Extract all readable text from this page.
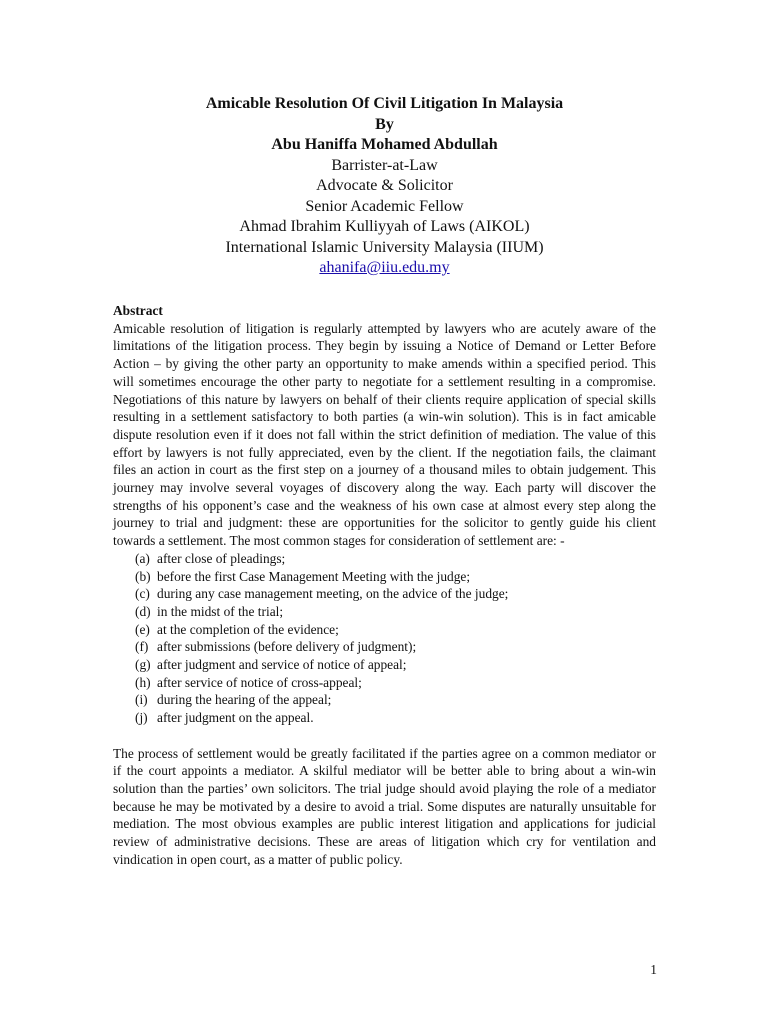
Amicable Resolution Of Civil Litigation In Malaysia
By
Abu Haniffa Mohamed Abdullah
Barrister-at-Law
Advocate & Solicitor
Senior Academic Fellow
Ahmad Ibrahim Kulliyyah of Laws (AIKOL)
International Islamic University Malaysia (IIUM)
ahanifa@iiu.edu.my

Abstract

Amicable resolution of litigation is regularly attempted by lawyers who are acutely aware of the limitations of the litigation process. They begin by issuing a Notice of Demand or Letter Before Action – by giving the other party an opportunity to make amends within a specified period. This will sometimes encourage the other party to negotiate for a settlement resulting in a compromise. Negotiations of this nature by lawyers on behalf of their clients require application of special skills resulting in a settlement satisfactory to both parties (a win-win solution). This is in fact amicable dispute resolution even if it does not fall within the strict definition of mediation. The value of this effort by lawyers is not fully appreciated, even by the client. If the negotiation fails, the claimant files an action in court as the first step on a journey of a thousand miles to obtain judgement. This journey may involve several voyages of discovery along the way. Each party will discover the strengths of his opponent’s case and the weakness of his own case at almost every step along the journey to trial and judgment: these are opportunities for the solicitor to gently guide his client towards a settlement. The most common stages for consideration of settlement are: -

(a) after close of pleadings;
(b) before the first Case Management Meeting with the judge;
(c) during any case management meeting, on the advice of the judge;
(d) in the midst of the trial;
(e) at the completion of the evidence;
(f) after submissions (before delivery of judgment);
(g) after judgment and service of notice of appeal;
(h) after service of notice of cross-appeal;
(i) during the hearing of the appeal;
(j) after judgment on the appeal.

The process of settlement would be greatly facilitated if the parties agree on a common mediator or if the court appoints a mediator. A skilful mediator will be better able to bring about a win-win solution than the parties’ own solicitors. The trial judge should avoid playing the role of a mediator because he may be motivated by a desire to avoid a trial. Some disputes are naturally unsuitable for mediation. The most obvious examples are public interest litigation and applications for judicial review of administrative decisions. These are areas of litigation which cry for ventilation and vindication in open court, as a matter of public policy.

1
